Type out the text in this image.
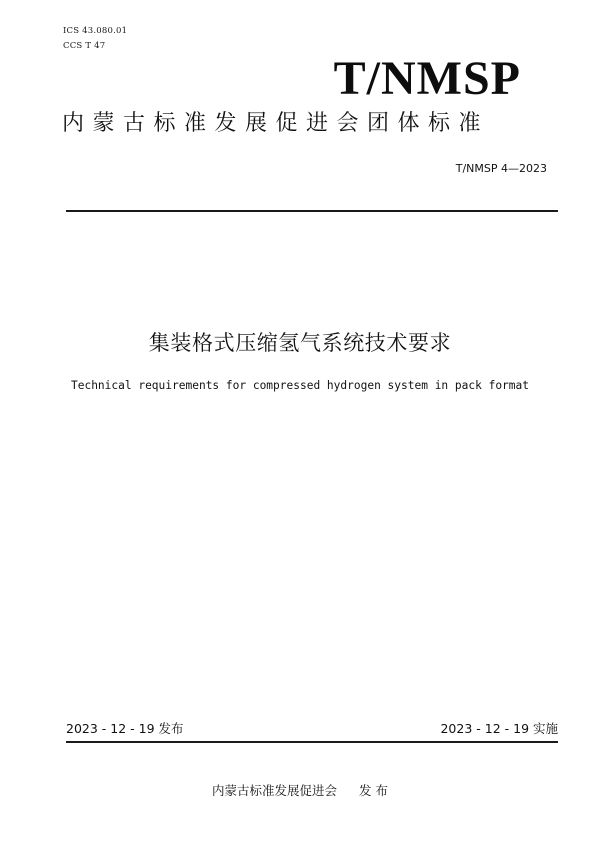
ICS 43.080.01
CCS T 47
T/NMSP
内蒙古标准发展促进会团体标准
T/NMSP 4—2023
集装格式压缩氢气系统技术要求
Technical requirements for compressed hydrogen system in pack format
2023 - 12 - 19 发布	2023 - 12 - 19 实施
内蒙古标准发展促进会 发 布
